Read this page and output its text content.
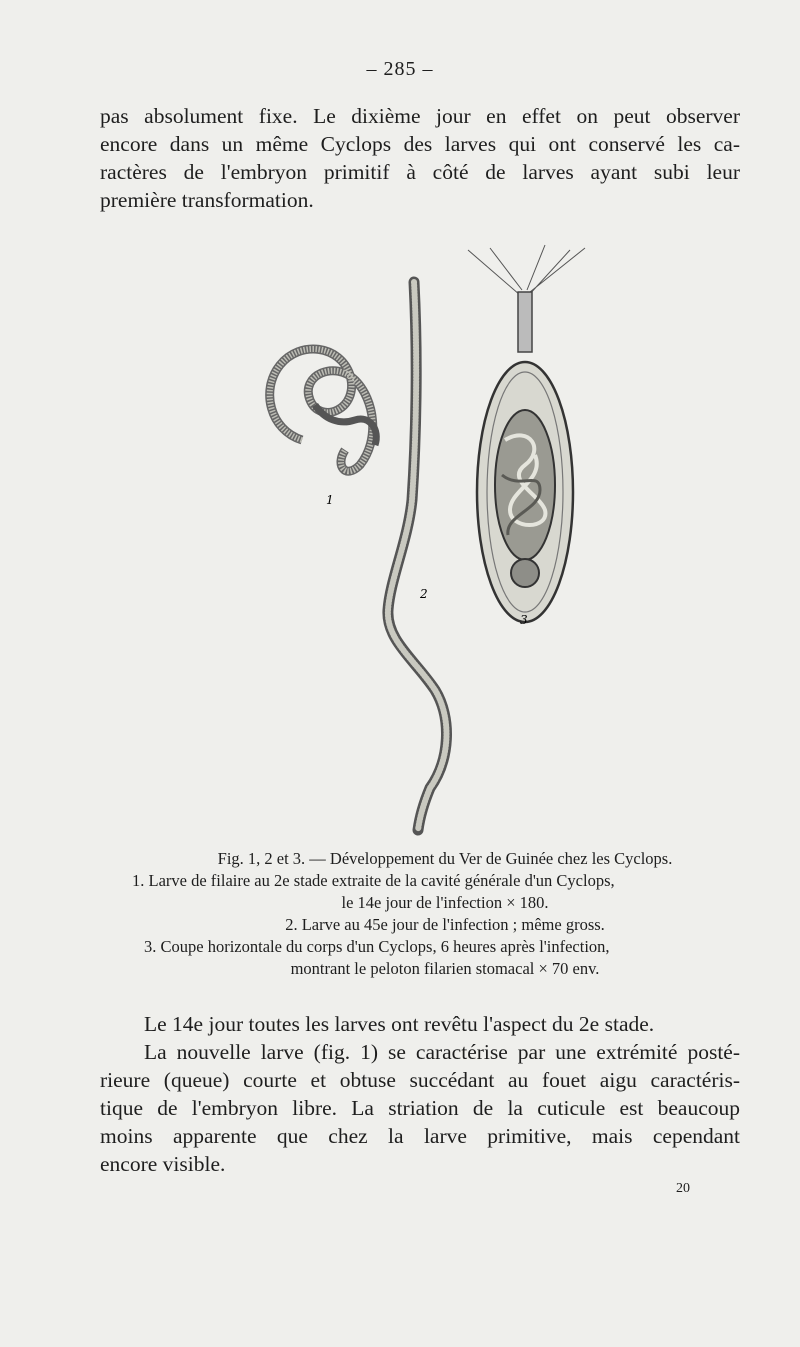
– 285 –

pas absolument fixe. Le dixième jour en effet on peut observer
encore dans un même Cyclops des larves qui ont conservé les ca-
ractères de l'embryon primitif à côté de larves ayant subi leur
première transformation.

1
2
3

Fig. 1, 2 et 3. — Développement du Ver de Guinée chez les Cyclops.
1. Larve de filaire au 2e stade extraite de la cavité générale d'un Cyclops,
le 14e jour de l'infection × 180.
2. Larve au 45e jour de l'infection ; même gross.
3. Coupe horizontale du corps d'un Cyclops, 6 heures après l'infection,
montrant le peloton filarien stomacal × 70 env.

Le 14e jour toutes les larves ont revêtu l'aspect du 2e stade.
La nouvelle larve (fig. 1) se caractérise par une extrémité posté-
rieure (queue) courte et obtuse succédant au fouet aigu caractéris-
tique de l'embryon libre. La striation de la cuticule est beaucoup
moins apparente que chez la larve primitive, mais cependant
encore visible.

20
